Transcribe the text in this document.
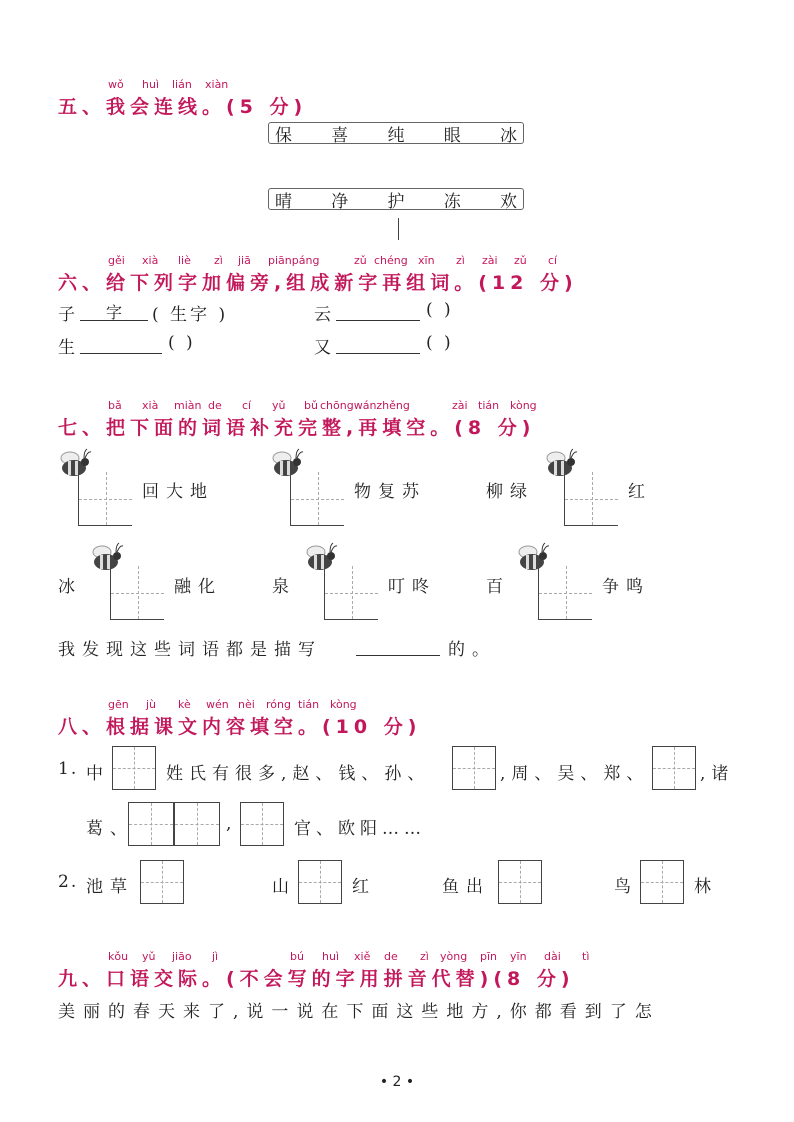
wǒ huì lián xiàn
五、我会连线。(5 分)
保 喜 纯 眼 冰
晴 净 护 冻 欢
gěi xià liè zì jiā piānpáng	zǔ chéng xīn zì zài zǔ cí
六、给下列字加偏旁,组成新字再组词。(12 分)
子	字	( 生字 )	云	( )
生	( )	又	( )
bǎ xià miàn de cí yǔ bǔ chōngwánzhěng	zài tián kòng
七、把下面的词语补充完整,再填空。(8 分)
回大地	物复苏	柳绿	红
冰	融化	泉	叮咚	百	争鸣
我发现这些词语都是描写	的。
gēn jù kè wén nèi róng tián kòng
八、根据课文内容填空。(10 分)
1. 中	姓氏有很多,赵、钱、孙、	,周、吴、郑、	,诸
葛、	,	官、欧阳……
2. 池草	山	红	鱼出	鸟	林
kǒu yǔ jiāo jì	bú huì xiě de zì yòng pīn yīn dài tì
九、口语交际。(不会写的字用拼音代替)(8 分)
美丽的春天来了,说一说在下面这些地方,你都看到了怎
• 2 •
